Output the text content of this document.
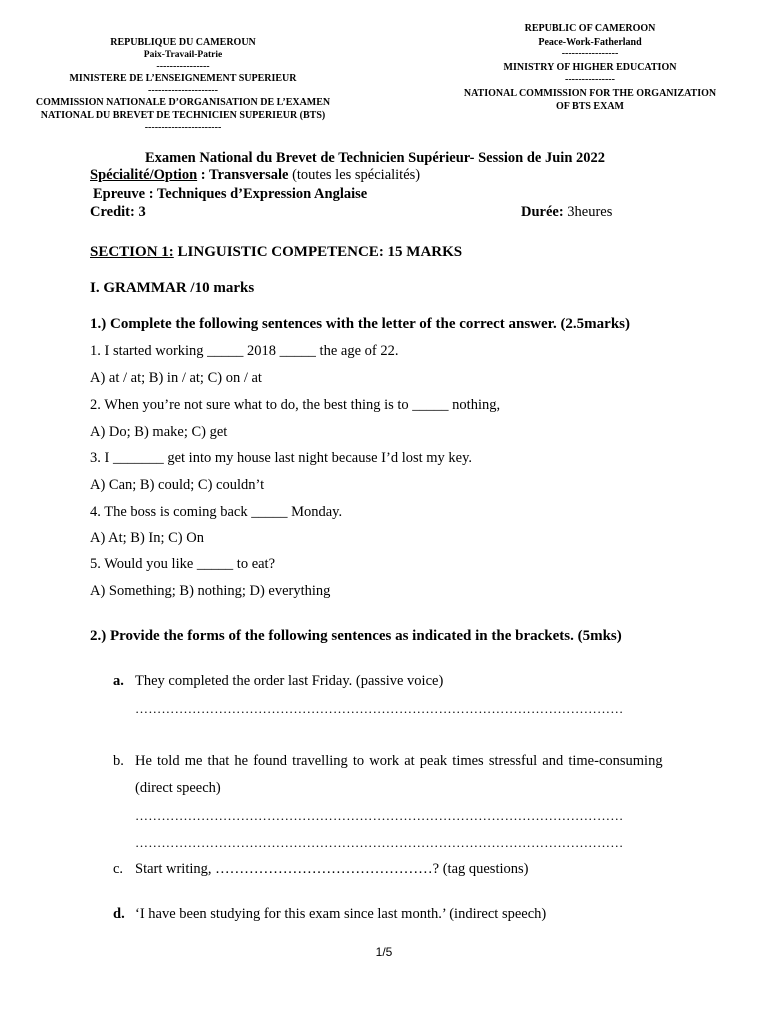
REPUBLIQUE DU CAMEROUN
Paix-Travail-Patrie
----------------
MINISTERE DE L’ENSEIGNEMENT SUPERIEUR
---------------------
COMMISSION NATIONALE D’ORGANISATION DE L’EXAMEN
NATIONAL DU BREVET DE TECHNICIEN SUPERIEUR (BTS)
-----------------------
REPUBLIC OF CAMEROON
Peace-Work-Fatherland
-----------------
MINISTRY OF HIGHER EDUCATION
---------------
NATIONAL COMMISSION FOR THE ORGANIZATION
OF BTS EXAM
Examen National du Brevet de Technicien Supérieur- Session de Juin 2022
Spécialité/Option : Transversale (toutes les spécialités)
Epreuve : Techniques d’Expression Anglaise
Credit: 3	Durée: 3heures
SECTION 1: LINGUISTIC COMPETENCE: 15 MARKS
I. GRAMMAR /10 marks
1.) Complete the following sentences with the letter of the correct answer. (2.5marks)
1. I started working _____ 2018 _____ the age of 22.
A) at / at; B) in / at; C) on / at
2. When you’re not sure what to do, the best thing is to _____ nothing,
A) Do; B) make; C) get
3. I _______ get into my house last night because I’d lost my key.
A) Can; B) could; C) couldn’t
4. The boss is coming back _____ Monday.
A) At; B) In; C) On
5. Would you like _____ to eat?
A) Something; B) nothing; D) everything
2.) Provide the forms of the following sentences as indicated in the brackets. (5mks)
a. They completed the order last Friday. (passive voice)
…………………………………………………………………………………………………
b. He told me that he found travelling to work at peak times stressful and time-consuming
(direct speech)
…………………………………………………………………………………………………
…………………………………………………………………………………………………
c. Start writing, ………………………………………? (tag questions)
d. ‘I have been studying for this exam since last month.’ (indirect speech)
1/5
